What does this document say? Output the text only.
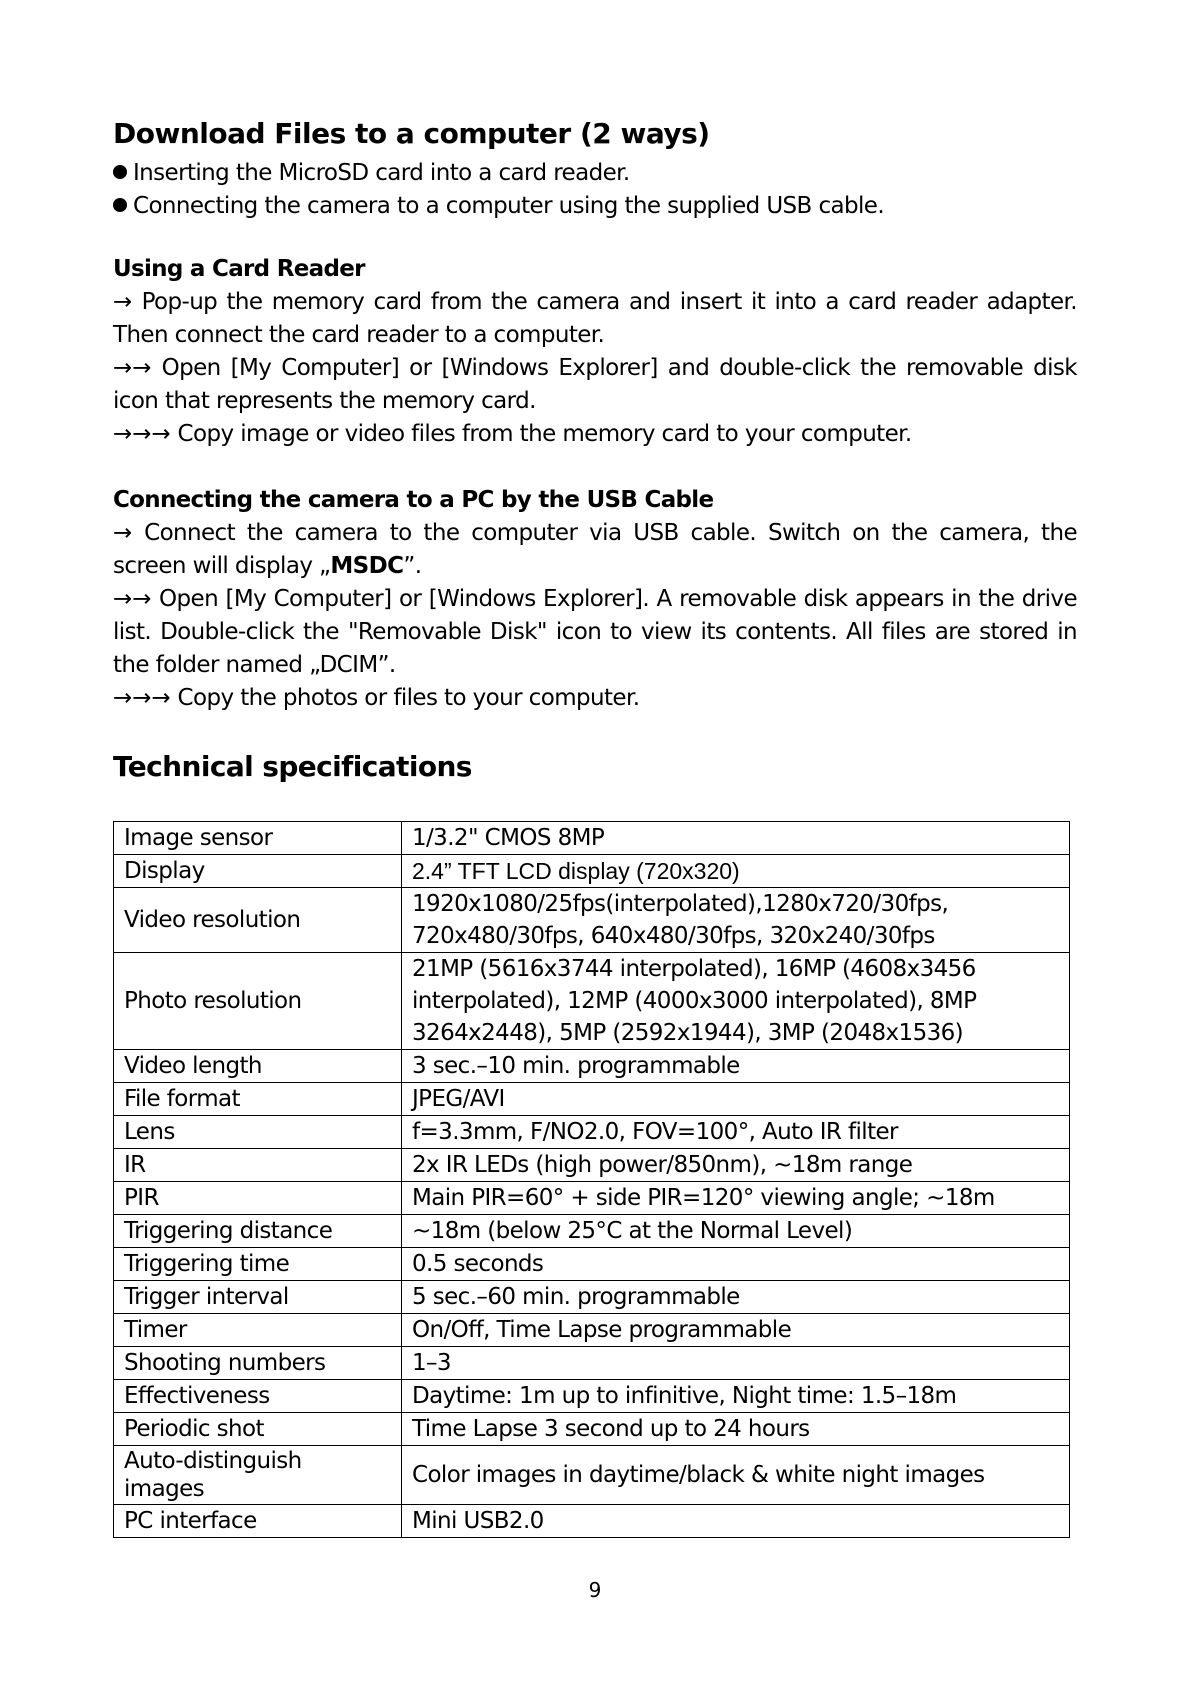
Download Files to a computer (2 ways)
Inserting the MicroSD card into a card reader.
Connecting the camera to a computer using the supplied USB cable.
Using a Card Reader

→ Pop-up the memory card from the camera and insert it into a card reader adapter. Then connect the card reader to a computer.

→→ Open [My Computer] or [Windows Explorer] and double-click the removable disk icon that represents the memory card.

→→→ Copy image or video files from the memory card to your computer.

Connecting the camera to a PC by the USB Cable

→ Connect the camera to the computer via USB cable. Switch on the camera, the screen will display „MSDC”.

→→ Open [My Computer] or [Windows Explorer]. A removable disk appears in the drive list. Double-click the "Removable Disk" icon to view its contents. All files are stored in the folder named „DCIM”.

→→→ Copy the photos or files to your computer.

Technical specifications
Image sensor	1/3.2" CMOS 8MP

Display	2.4” TFT LCD display (720x320)

Video resolution	1920x1080/25fps(interpolated),1280x720/30fps,
720x480/30fps, 640x480/30fps, 320x240/30fps

Photo resolution	21MP (5616x3744 interpolated), 16MP (4608x3456
interpolated), 12MP (4000x3000 interpolated), 8MP
3264x2448), 5MP (2592x1944), 3MP (2048x1536)

Video length	3 sec.–10 min. programmable

File format	JPEG/AVI

Lens	f=3.3mm, F/NO2.0, FOV=100°, Auto IR filter

IR	2x IR LEDs (high power/850nm), ~18m range

PIR	Main PIR=60° + side PIR=120° viewing angle; ~18m

Triggering distance	~18m (below 25°C at the Normal Level)

Triggering time	0.5 seconds

Trigger interval	5 sec.–60 min. programmable

Timer	On/Off, Time Lapse programmable

Shooting numbers	1–3

Effectiveness	Daytime: 1m up to infinitive, Night time: 1.5–18m

Periodic shot	Time Lapse 3 second up to 24 hours

Auto-distinguish
images	Color images in daytime/black & white night images

PC interface	Mini USB2.0
9
